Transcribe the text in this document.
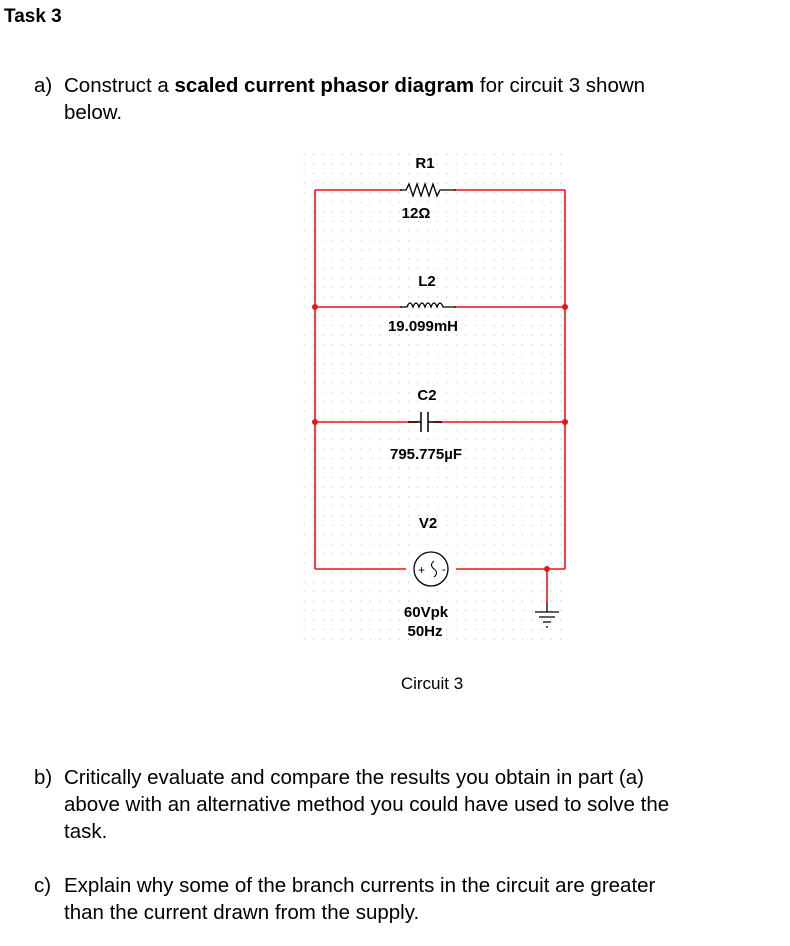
Task 3
a) Construct a scaled current phasor diagram for circuit 3 shown
below.
R1
12Ω
L2
19.099mH
C2
795.775µF
V2
+ -
60Vpk
50Hz
Circuit 3
b) Critically evaluate and compare the results you obtain in part (a)
above with an alternative method you could have used to solve the
task.
c) Explain why some of the branch currents in the circuit are greater
than the current drawn from the supply.
